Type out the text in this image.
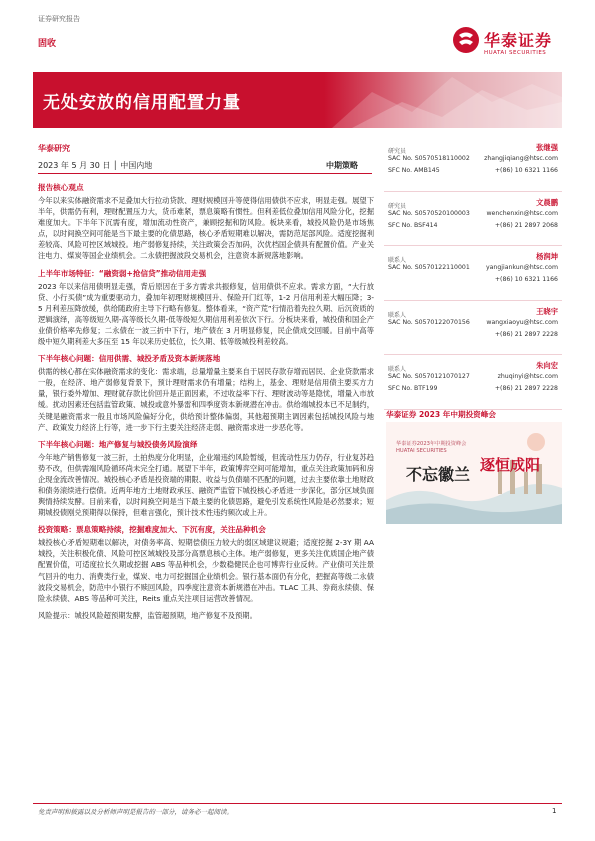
证券研究报告
固收	华泰证券
HUATAI SECURITIES
无处安放的信用配置力量
华泰研究
2023 年 5 月 30 日 │ 中国内地	中期策略
报告核心观点

今年以来实体融资需求不足叠加大行拉动贷款、理财规模回升等使得信用债供不应求，明显走强。展望下半年，供需仍有利，理财配置压力大，货币难紧，票息策略有惯性。但利差低位叠加信用风险分化，挖掘难度加大。下半年下沉需有度，增加流动性资产，兼顾挖掘和防风险。板块来看，城投风险仍是市场焦点，以时间换空间可能是当下最主要的化债思路，核心矛盾短期难以解决，需防范尾部风险。适度挖掘利差较高、风险可控区域城投。地产弱修复持续，关注政策会否加码，次优档国企债具有配置价值。产业关注电力、煤炭等国企业绩机会。二永债把握波段交易机会，注意资本新规落地影响。

上半年市场特征：“融资弱+抢信贷”推动信用走强

2023 年以来信用债明显走强，背后原因在于多方需求共振修复，信用债供不应求。需求方面，“大行放贷、小行买债”成为重要驱动力，叠加年初理财规模回升、保险开门红等，1-2 月信用利差大幅压降；3-5 月利差压降放缓，供给随政府主导下行略有修复。整体看来，“资产荒”行情沿着先拉久期、后沉资质的逻辑演绎，高等级短久期-高等级长久期-低等级短久期信用利差依次下行。分板块来看，城投债和国企产业债价格率先修复；二永债在一波三折中下行，地产债在 3 月明显修复，民企债成交回暖。目前中高等级中短久期利差大多压至 15 年以来历史低位，长久期、低等级城投利差较高。

下半年核心问题：信用供需、城投矛盾及资本新规落地

供需的核心都在实体融资需求的变化：需求端，总量增量主要来自于居民存款存增而居民、企业贷款需求一般，在经济、地产弱修复背景下，预计理财需求仍有增量；结构上，基金、理财是信用债主要买方力量，银行委外增加、理财就存款比价回升是正面因素，不过收益率下行、理财波动等是隐忧，增量入市放缓。扰动因素还包括监管政策、城投或意外暴雷和四季度资本新规潜在冲击。供给端城投本已不足制约，关键是融资需求一般且市场风险偏好分化，供给预计整体偏弱，其他超预期主调因素包括城投风险与地产、政策发力经济上行等，进一步下行主要关注经济走弱、融资需求进一步恶化等。

下半年核心问题：地产修复与城投债务风险演绎

今年地产销售修复一波三折，土拍热度分化明显，企业端违约风险暂缓，但流动性压力仍存，行业复苏趋势不改，但供需端风险循环尚未完全打通。展望下半年，政策博弈空间可能增加，重点关注政策加码和房企现金流改善情况。城投核心矛盾是投资端的期限、收益与负债端不匹配的问题，过去主要依靠土地财政和债务滚续进行偿债。近两年地方土地财政承压、融资严监管下城投核心矛盾进一步深化，部分区域负面舆情持续发酵。目前来看，以时间换空间是当下最主要的化债思路，避免引发系统性风险是必然要求；短期城投债刚兑预期得以保持，但难言强化，预计技术性违约频次或上升。

投资策略：票息策略持续，挖掘难度加大、下沉有度，关注品种机会

城投核心矛盾短期难以解决，对债务率高、短期偿债压力较大的弱区域建议规避；适度挖掘 2-3Y 期 AA 城投，关注积极化债、风险可控区域城投及部分高票息核心主体。地产弱修复，更多关注优质国企地产债配置价值，可适度拉长久期或挖掘 ABS 等品种机会，少数稳健民企也可博弈行业反转。产业债可关注景气回升的电力、消费类行业，煤炭、电力可挖掘国企业绩机会。银行基本面仍有分化，把握高等级二永债波段交易机会，防范中小银行不赎回风险，四季度注意资本新规潜在冲击。TLAC 工具、券商永续债、保险永续债、ABS 等品种可关注，Reits 重点关注项目运营改善情况。

风险提示：城投风险超预期发酵，监管超预期，地产修复不及预期。

研究员	张继强
SAC No. S0570518110002
SFC No. AMB145
zhangjiqiang@htsc.com
+(86) 10 6321 1166
研究员	文晨鹏
SAC No. S0570520100003
SFC No. BSF414
wenchenxin@htsc.com
+(86) 21 2897 2068
联系人	杨润坤
SAC No. S0570122110001	yangjiankun@htsc.com
+(86) 10 6321 1166
联系人	王晓宇
SAC No. S0570122070156	wangxiaoyu@htsc.com
+(86) 21 2897 2228
联系人	朱向宏
SAC No. S0570121070127
SFC No. BTF199
zhuqinyi@htsc.com
+(86) 21 2897 2228
华泰证券 2023 年中期投资峰会
华泰证券2023年中期投资峰会
HUATAI SECURITIES
不忘徽兰 逐恒成阳
免责声明和披露以及分析师声明是报告的一部分，请务必一起阅读。	1
